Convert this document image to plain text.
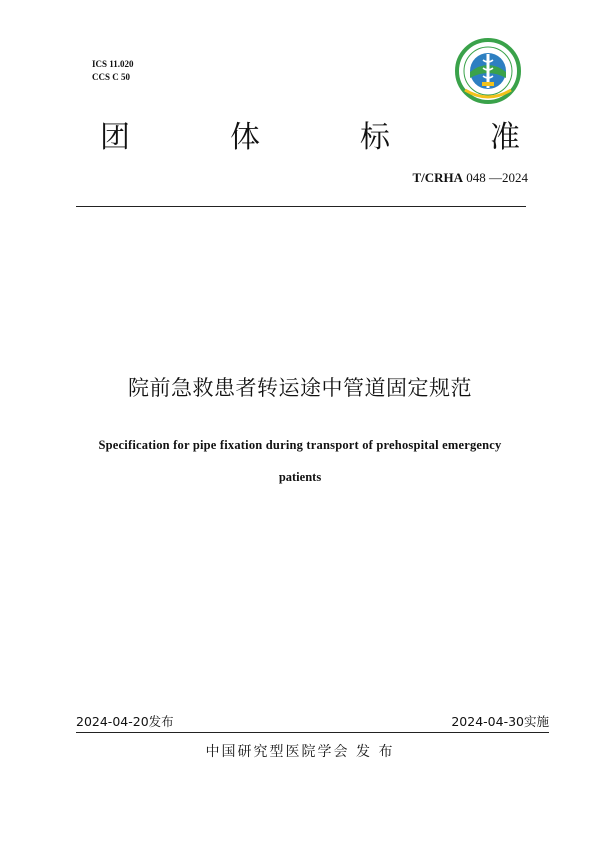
ICS 11.020
CCS C 50
团	体	标	准
T/CRHA 048 —2024
院前急救患者转运途中管道固定规范
Specification for pipe fixation during transport of prehospital emergency
patients
2024-04-20发布	2024-04-30实施
中国研究型医院学会 发 布
